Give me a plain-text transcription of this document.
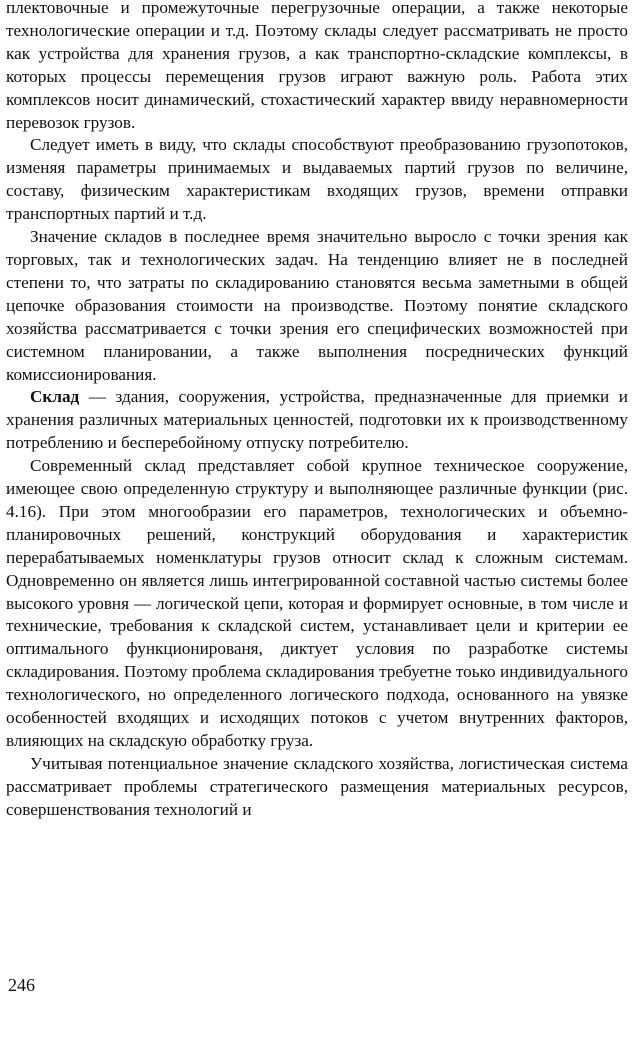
плектовочные и промежуточные перегрузочные операции, а также некоторые технологические операции и т.д. Поэтому склады следует рассматривать не просто как устройства для хранения грузов, а как транспортно-складские комплексы, в которых процессы перемещения грузов играют важную роль. Работа этих комплексов носит динамический, стохастический характер ввиду неравномерности перевозок грузов.

Следует иметь в виду, что склады способствуют преобразованию грузопотоков, изменяя параметры принимаемых и выдаваемых партий грузов по величине, составу, физическим характеристикам входящих грузов, времени отправки транспортных партий и т.д.

Значение складов в последнее время значительно выросло с точки зрения как торговых, так и технологических задач. На тенденцию влияет не в последней степени то, что затраты по складированию становятся весьма заметными в общей цепочке образования стоимости на производстве. Поэтому понятие складского хозяйства рассматривается с точки зрения его специфических возможностей при системном планировании, а также выполнения посреднических функций комиссионирования.

Склад — здания, сооружения, устройства, предназначенные для приемки и хранения различных материальных ценностей, подготовки их к производственному потреблению и бесперебойному отпуску потребителю.

Современный склад представляет собой крупное техническое сооружение, имеющее свою определенную структуру и выполняющее различные функции (рис. 4.16). При этом многообразии его параметров, технологических и объемно-планировочных решений, конструкций оборудования и характеристик перерабатываемых номенклатуры грузов относит склад к сложным системам. Одновременно он является лишь интегрированной составной частью системы более высокого уровня — логической цепи, которая и формирует основные, в том числе и технические, требования к складской систем, устанавливает цели и критерии ее оптимального функционированя, диктует условия по разработке системы складирования. Поэтому проблема складирования требуетне тоько индивидуального технологического, но определенного логического подхода, основанного на увязке особенностей входящих и исходящих потоков с учетом внутренних факторов, влияющих на складскую обработку груза.

Учитывая потенциальное значение складского хозяйства, логистическая система рассматривает проблемы стратегического размещения материальных ресурсов, совершенствования технологий и

246
